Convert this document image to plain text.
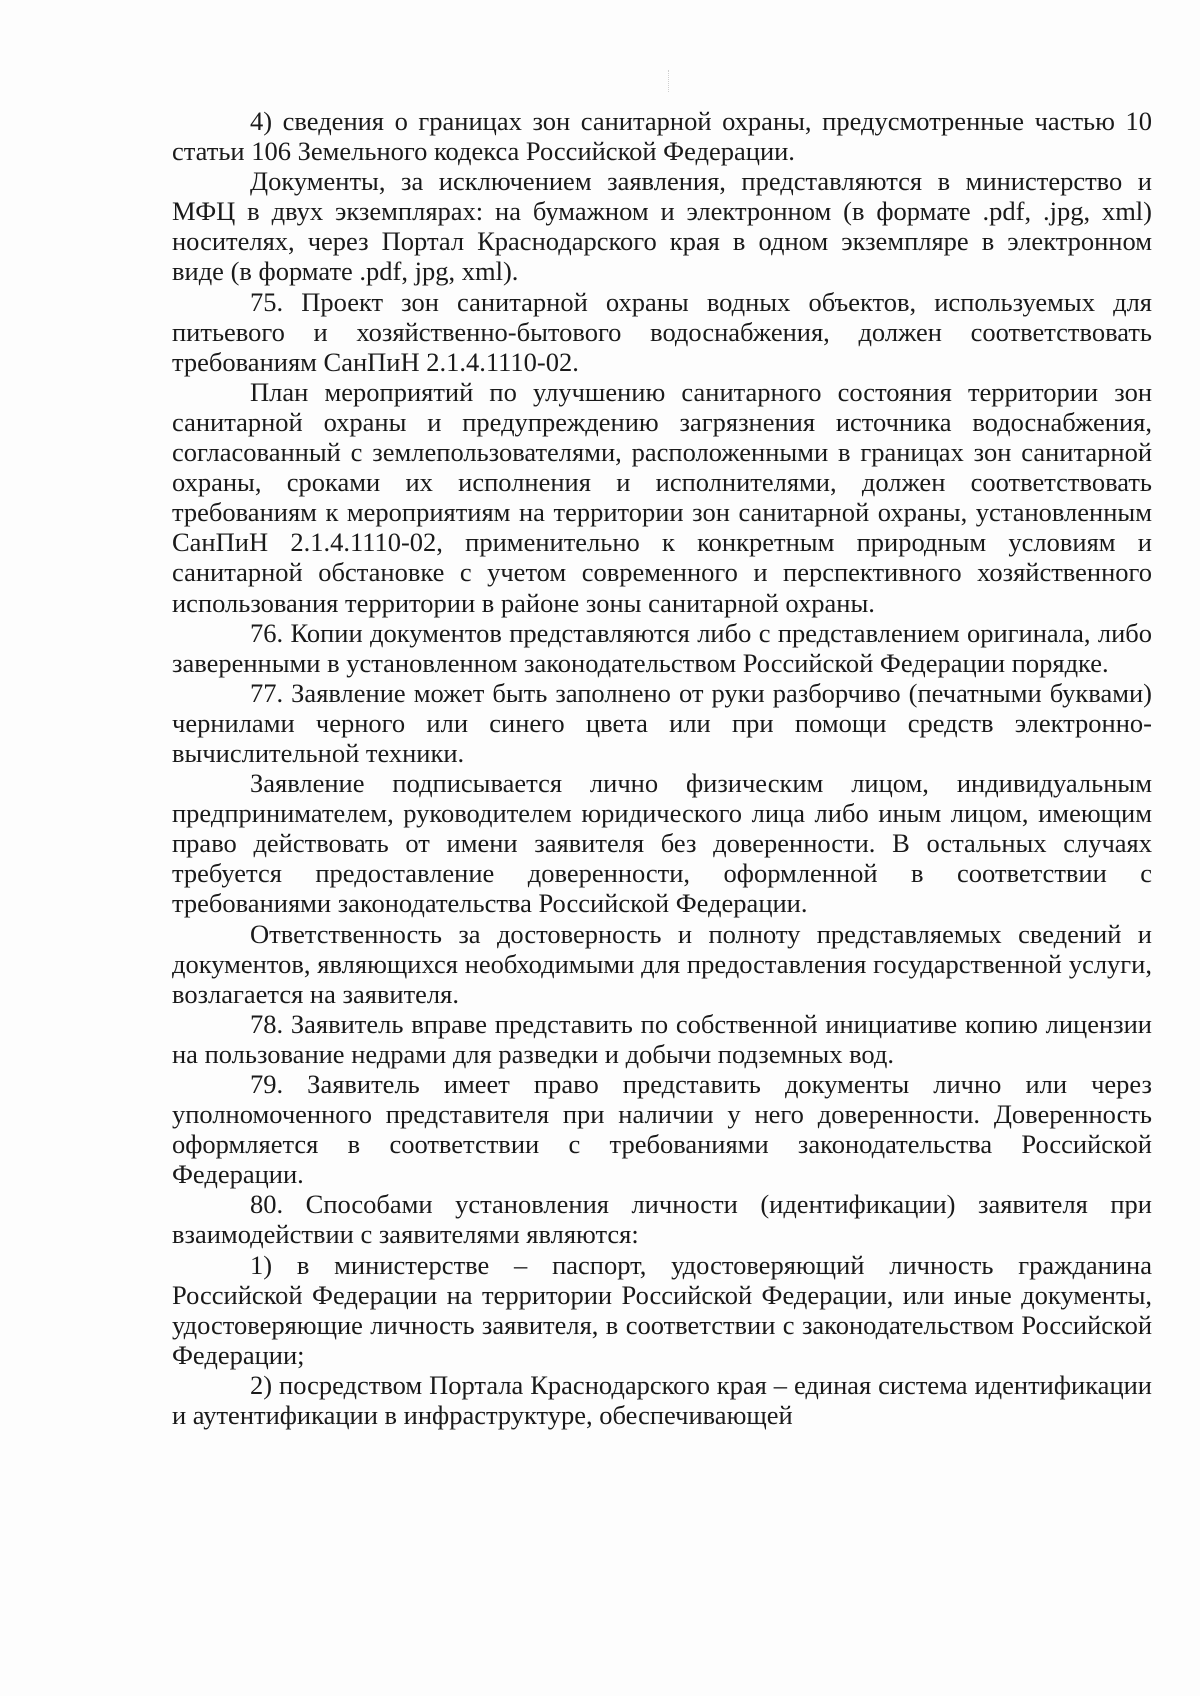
4) сведения о границах зон санитарной охраны, предусмотренные частью 10 статьи 106 Земельного кодекса Российской Федерации.

Документы, за исключением заявления, представляются в министерство и МФЦ в двух экземплярах: на бумажном и электронном (в формате .pdf, .jpg, xml) носителях, через Портал Краснодарского края в одном экземпляре в электронном виде (в формате .pdf, jpg, xml).

75. Проект зон санитарной охраны водных объектов, используемых для питьевого и хозяйственно-бытового водоснабжения, должен соответствовать требованиям СанПиН 2.1.4.1110-02.

План мероприятий по улучшению санитарного состояния территории зон санитарной охраны и предупреждению загрязнения источника водоснабжения, согласованный с землепользователями, расположенными в границах зон санитарной охраны, сроками их исполнения и исполнителями, должен соответствовать требованиям к мероприятиям на территории зон санитарной охраны, установленным СанПиН 2.1.4.1110-02, применительно к конкретным природным условиям и санитарной обстановке с учетом современного и перспективного хозяйственного использования территории в районе зоны санитарной охраны.

76. Копии документов представляются либо с представлением оригинала, либо заверенными в установленном законодательством Российской Федерации порядке.

77. Заявление может быть заполнено от руки разборчиво (печатными буквами) чернилами черного или синего цвета или при помощи средств электронно-вычислительной техники.

Заявление подписывается лично физическим лицом, индивидуальным предпринимателем, руководителем юридического лица либо иным лицом, имеющим право действовать от имени заявителя без доверенности. В остальных случаях требуется предоставление доверенности, оформленной в соответствии с требованиями законодательства Российской Федерации.

Ответственность за достоверность и полноту представляемых сведений и документов, являющихся необходимыми для предоставления государственной услуги, возлагается на заявителя.

78. Заявитель вправе представить по собственной инициативе копию лицензии на пользование недрами для разведки и добычи подземных вод.

79. Заявитель имеет право представить документы лично или через уполномоченного представителя при наличии у него доверенности. Доверенность оформляется в соответствии с требованиями законодательства Российской Федерации.

80. Способами установления личности (идентификации) заявителя при взаимодействии с заявителями являются:

1) в министерстве – паспорт, удостоверяющий личность гражданина Российской Федерации на территории Российской Федерации, или иные документы, удостоверяющие личность заявителя, в соответствии с законодательством Российской Федерации;

2) посредством Портала Краснодарского края – единая система идентификации и аутентификации в инфраструктуре, обеспечивающей
